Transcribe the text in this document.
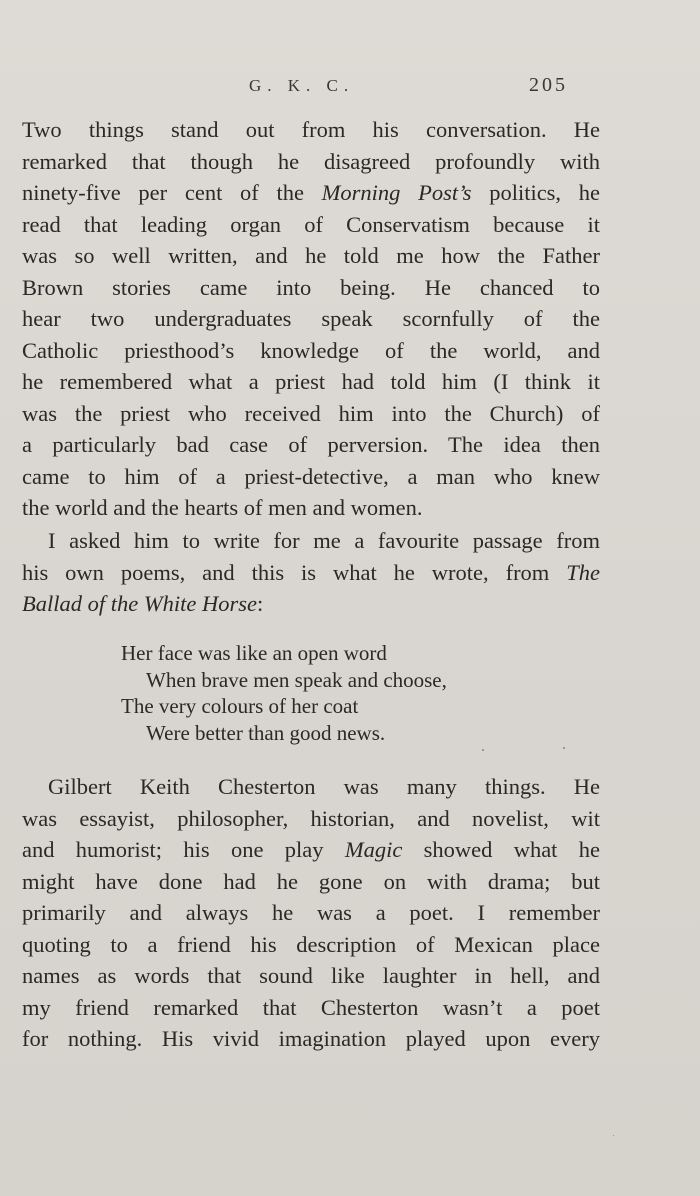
G. K. C.	205
Two things stand out from his conversation. He
remarked that though he disagreed profoundly with
ninety-five per cent of the Morning Post’s politics, he
read that leading organ of Conservatism because it
was so well written, and he told me how the Father
Brown stories came into being. He chanced to
hear two undergraduates speak scornfully of the
Catholic priesthood’s knowledge of the world, and
he remembered what a priest had told him (I think it
was the priest who received him into the Church) of
a particularly bad case of perversion. The idea then
came to him of a priest-detective, a man who knew
the world and the hearts of men and women.
I asked him to write for me a favourite passage from
his own poems, and this is what he wrote, from The
Ballad of the White Horse:
Her face was like an open word
When brave men speak and choose,
The very colours of her coat
Were better than good news.
Gilbert Keith Chesterton was many things. He
was essayist, philosopher, historian, and novelist, wit
and humorist; his one play Magic showed what he
might have done had he gone on with drama; but
primarily and always he was a poet. I remember
quoting to a friend his description of Mexican place
names as words that sound like laughter in hell, and
my friend remarked that Chesterton wasn’t a poet
for nothing. His vivid imagination played upon every
